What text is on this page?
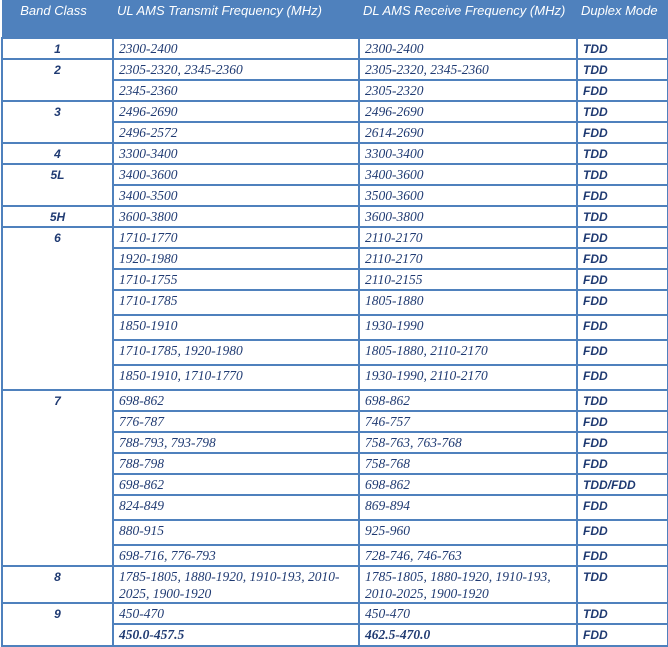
Band Class	UL AMS Transmit Frequency (MHz)	DL AMS Receive Frequency (MHz)	Duplex Mode
1	2300-2400	2300-2400	TDD
2	2305-2320, 2345-2360	2305-2320, 2345-2360	TDD
	2345-2360	2305-2320	FDD
3	2496-2690	2496-2690	TDD
	2496-2572	2614-2690	FDD
4	3300-3400	3300-3400	TDD
5L	3400-3600	3400-3600	TDD
	3400-3500	3500-3600	FDD
5H	3600-3800	3600-3800	TDD
6	1710-1770	2110-2170	FDD
	1920-1980	2110-2170	FDD
	1710-1755	2110-2155	FDD
	1710-1785	1805-1880	FDD
	1850-1910	1930-1990	FDD
	1710-1785, 1920-1980	1805-1880, 2110-2170	FDD
	1850-1910, 1710-1770	1930-1990, 2110-2170	FDD
7	698-862	698-862	TDD
	776-787	746-757	FDD
	788-793, 793-798	758-763, 763-768	FDD
	788-798	758-768	FDD
	698-862	698-862	TDD/FDD
	824-849	869-894	FDD
	880-915	925-960	FDD
	698-716, 776-793	728-746, 746-763	FDD
8	1785-1805, 1880-1920, 1910-193, 2010-2025, 1900-1920	1785-1805, 1880-1920, 1910-193, 2010-2025, 1900-1920	TDD
9	450-470	450-470	TDD
	450.0-457.5	462.5-470.0	FDD
